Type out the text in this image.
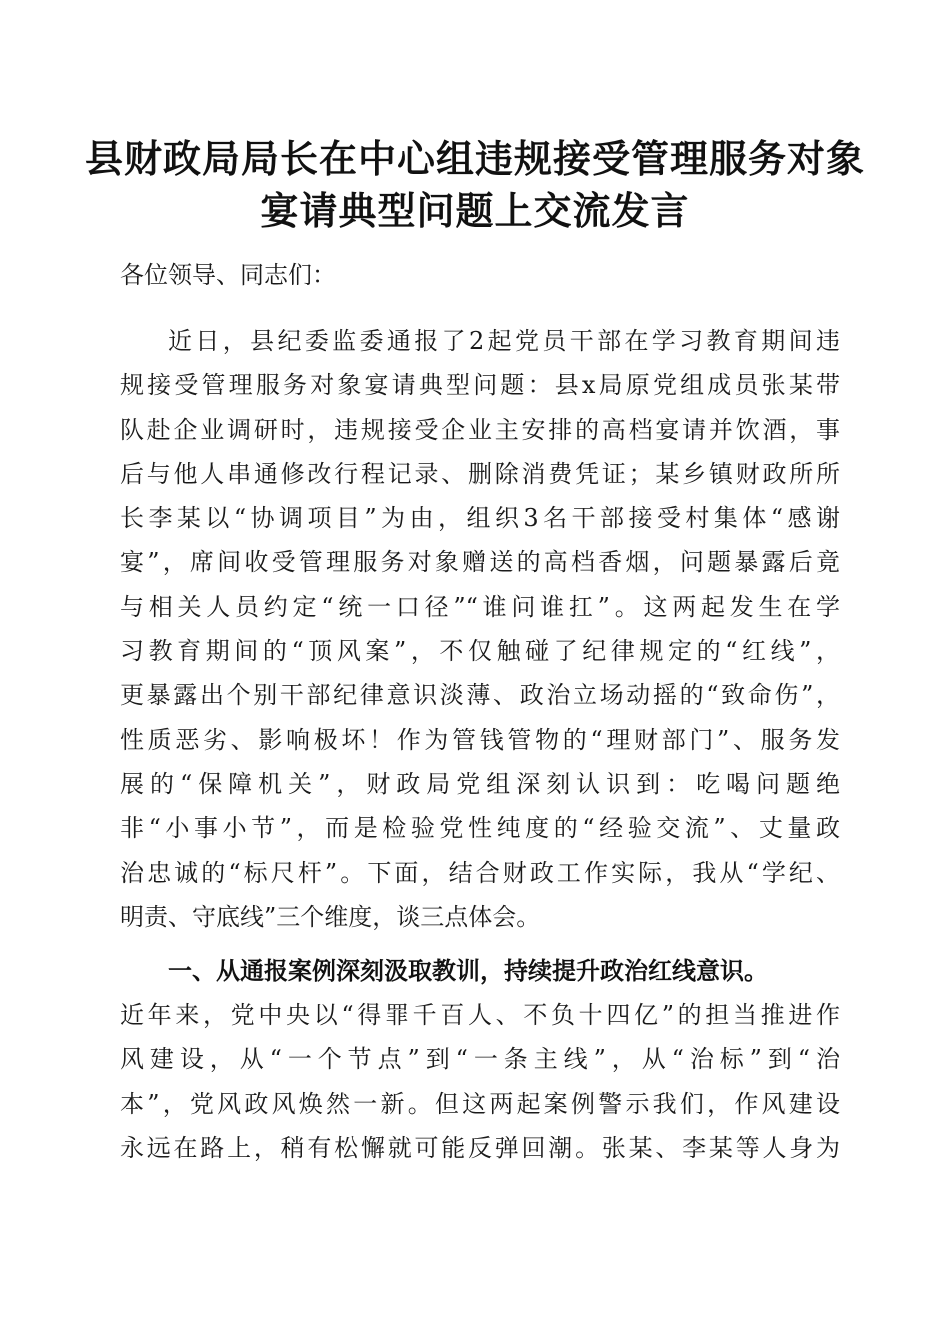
县财政局局长在中心组违规接受管理服务对象
宴请典型问题上交流发言
各位领导、同志们：
近日，县纪委监委通报了2起党员干部在学习教育期间违
规接受管理服务对象宴请典型问题：县x局原党组成员张某带
队赴企业调研时，违规接受企业主安排的高档宴请并饮酒，事
后与他人串通修改行程记录、删除消费凭证；某乡镇财政所所
长李某以“协调项目”为由，组织3名干部接受村集体“感谢
宴”，席间收受管理服务对象赠送的高档香烟，问题暴露后竟
与相关人员约定“统一口径”“谁问谁扛”。这两起发生在学
习教育期间的“顶风案”，不仅触碰了纪律规定的“红线”，
更暴露出个别干部纪律意识淡薄、政治立场动摇的“致命伤”，
性质恶劣、影响极坏！作为管钱管物的“理财部门”、服务发
展的“保障机关”，财政局党组深刻认识到：吃喝问题绝
非“小事小节”，而是检验党性纯度的“经验交流”、丈量政
治忠诚的“标尺杆”。下面，结合财政工作实际，我从“学纪、
明责、守底线”三个维度，谈三点体会。
一、从通报案例深刻汲取教训，持续提升政治红线意识。
近年来，党中央以“得罪千百人、不负十四亿”的担当推进作
风建设，从“一个节点”到“一条主线”，从“治标”到“治
本”，党风政风焕然一新。但这两起案例警示我们，作风建设
永远在路上，稍有松懈就可能反弹回潮。张某、李某等人身为
